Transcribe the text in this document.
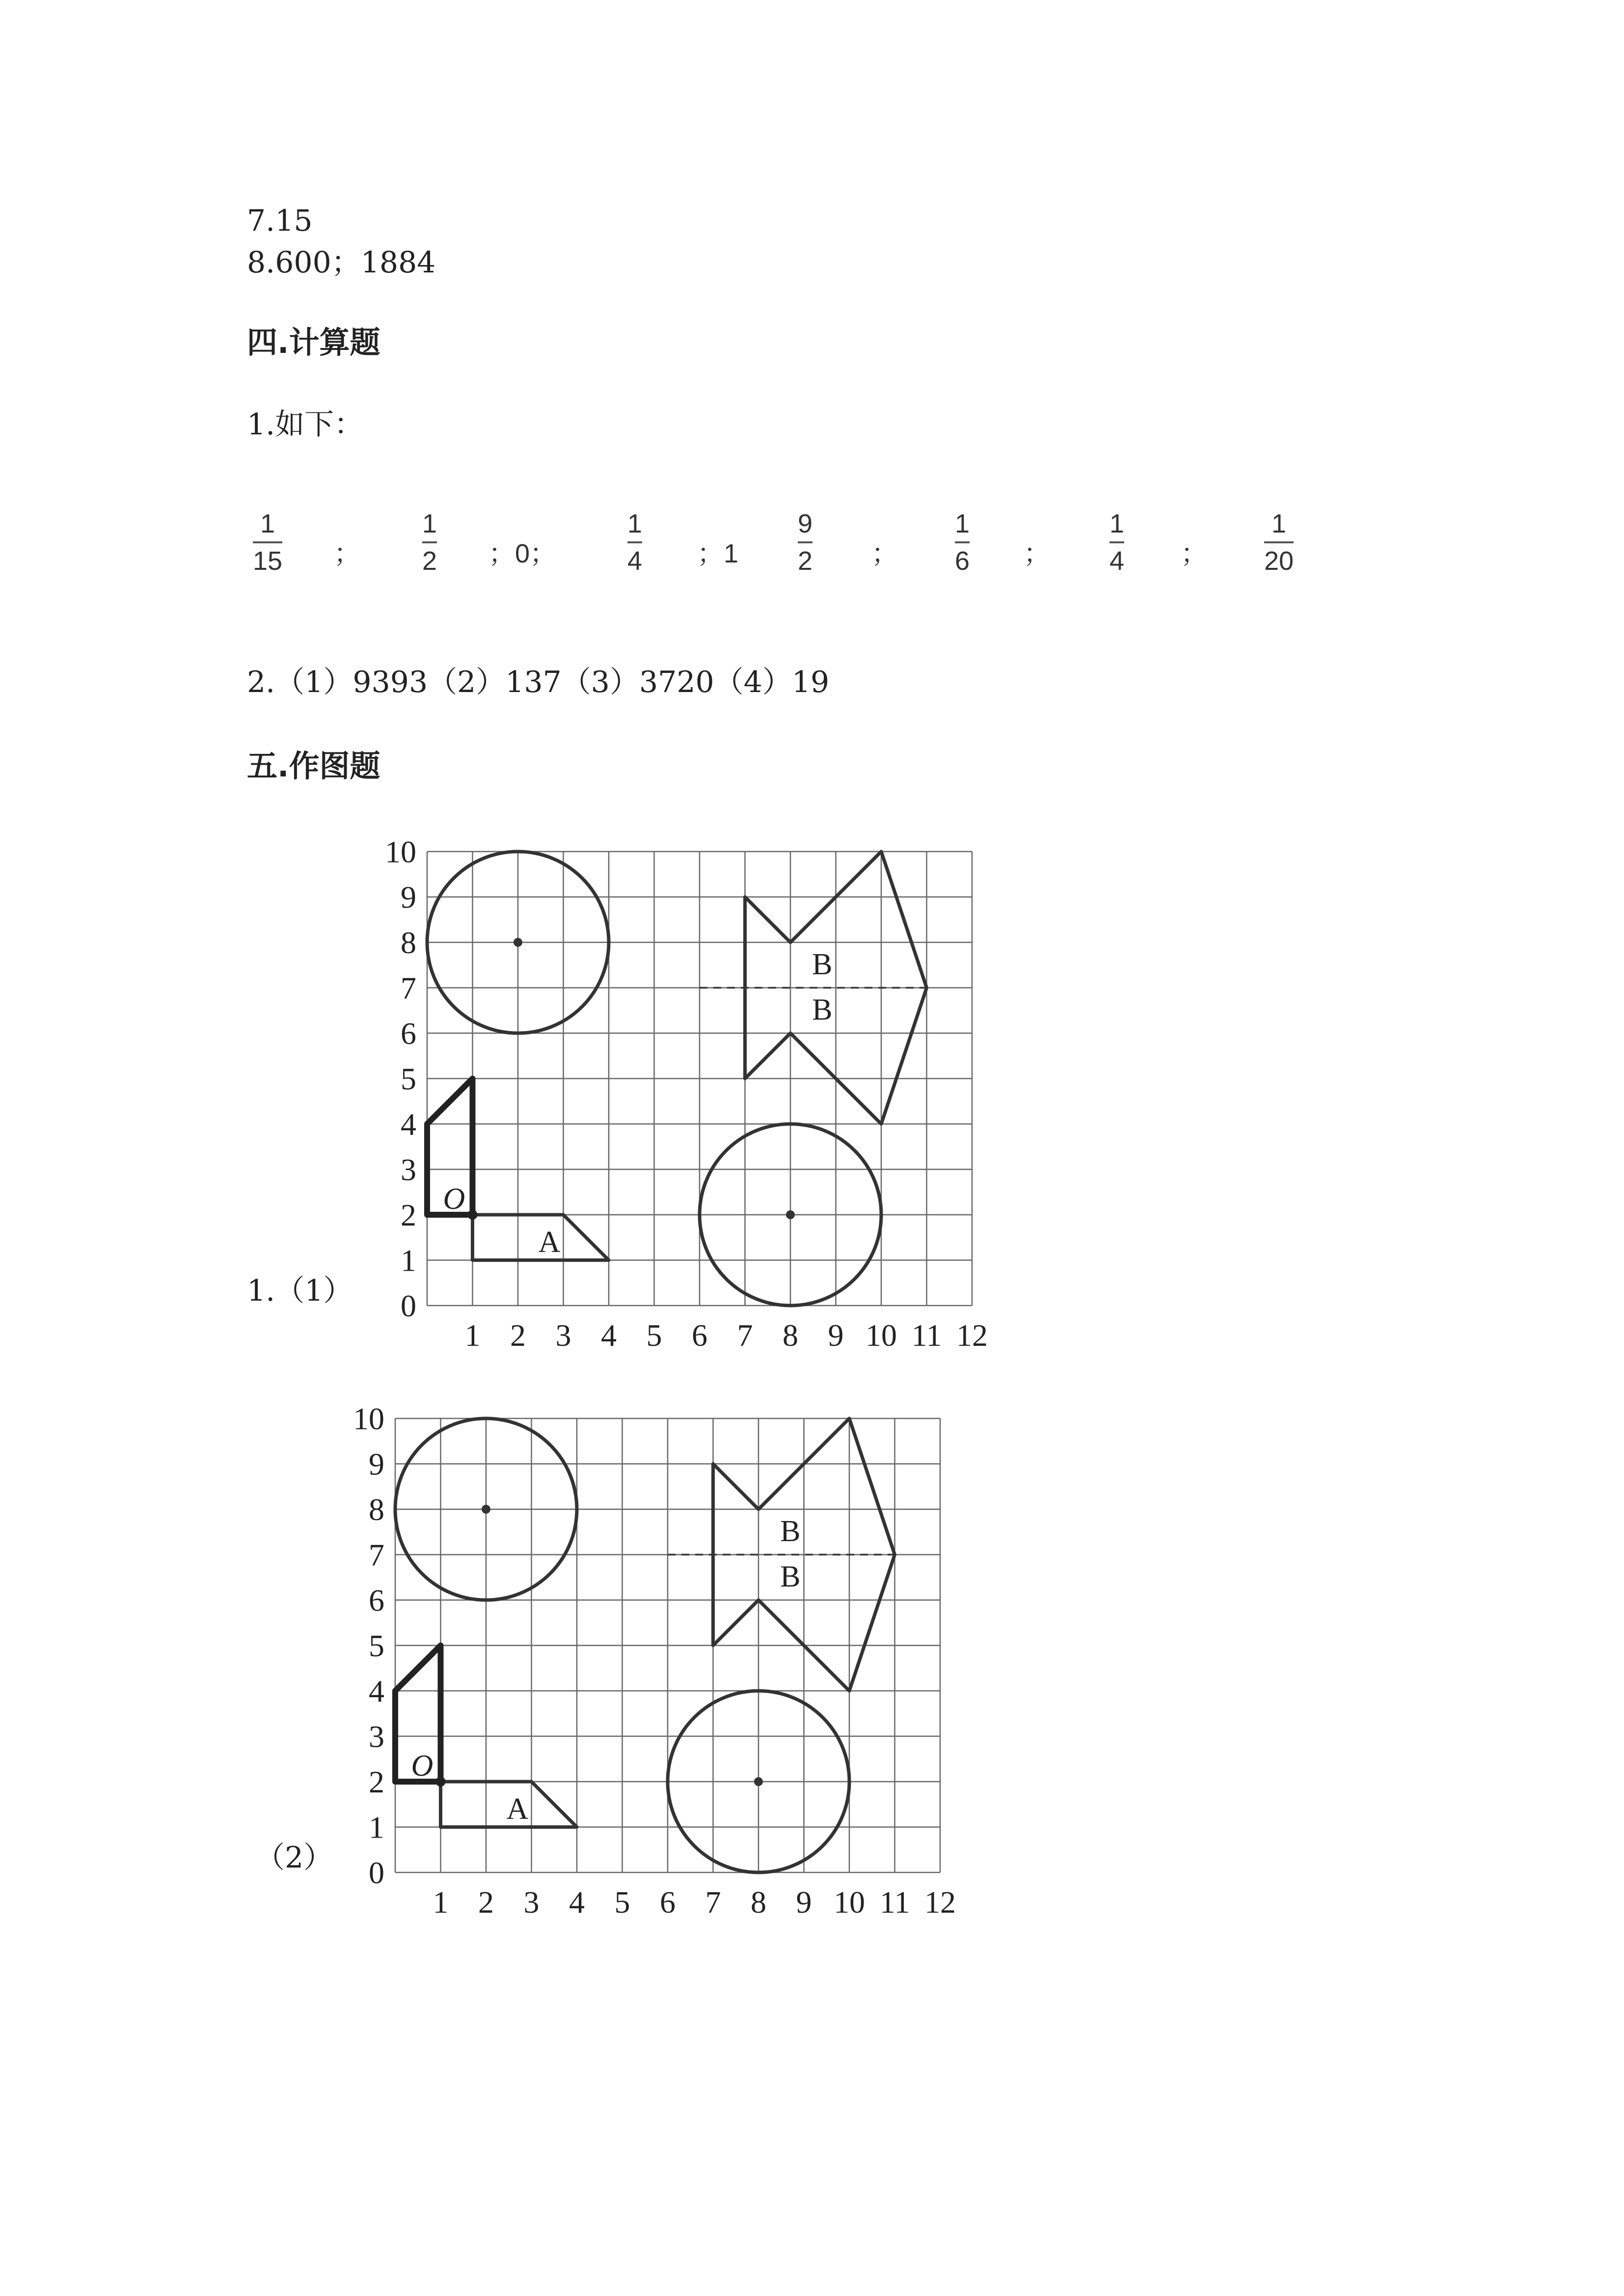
7.15
8.600；1884
四.计算题
1.如下：
1
15 ；
1
2 ；0；
1
4 ；1
9
2 ；
1
6 ；
1
4 ；
1
20
2.（1）9393（2）137（3）3720（4）19
五.作图题
1.（1）
1 2 3 4 5 6 7 8 9 10 11 12
0
1
2
3
4
5
6
7
8
9
10
O
A
B
B
（2）
1 2 3 4 5 6 7 8 9 10 11 12
0
1
2
3
4
5
6
7
8
9
10
O
A
B
B
